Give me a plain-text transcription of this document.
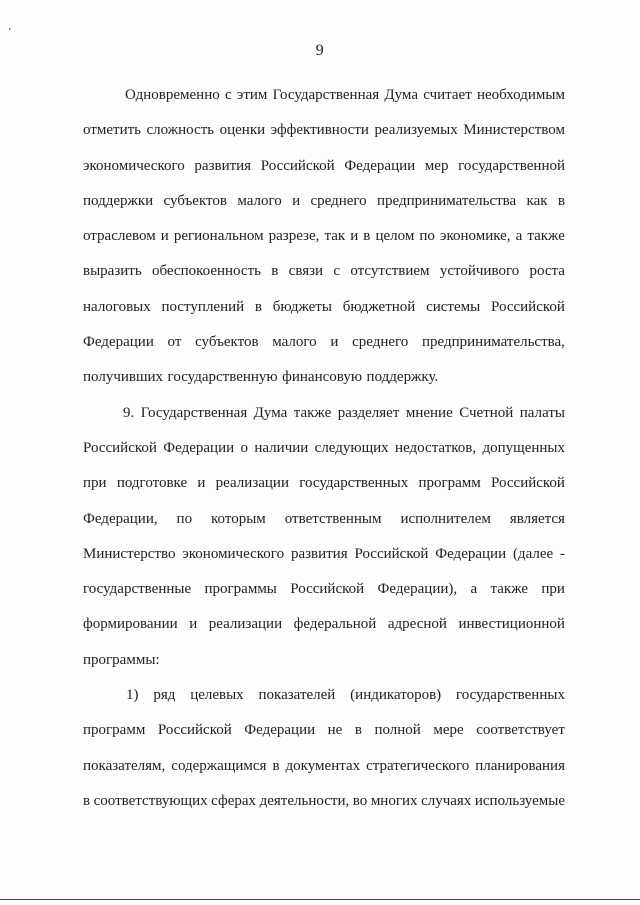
،
9
Одновременно с этим Государственная Дума считает необходимым
отметить сложность оценки эффективности реализуемых Министерством
экономического развития Российской Федерации мер государственной
поддержки субъектов малого и среднего предпринимательства как в
отраслевом и региональном разрезе, так и в целом по экономике, а также
выразить обеспокоенность в связи с отсутствием устойчивого роста
налоговых поступлений в бюджеты бюджетной системы Российской
Федерации от субъектов малого и среднего предпринимательства,
получивших государственную финансовую поддержку.
9. Государственная Дума также разделяет мнение Счетной палаты
Российской Федерации о наличии следующих недостатков, допущенных
при подготовке и реализации государственных программ Российской
Федерации, по которым ответственным исполнителем является
Министерство экономического развития Российской Федерации (далее -
государственные программы Российской Федерации), а также при
формировании и реализации федеральной адресной инвестиционной
программы:
1) ряд целевых показателей (индикаторов) государственных
программ Российской Федерации не в полной мере соответствует
показателям, содержащимся в документах стратегического планирования
в соответствующих сферах деятельности, во многих случаях используемые
